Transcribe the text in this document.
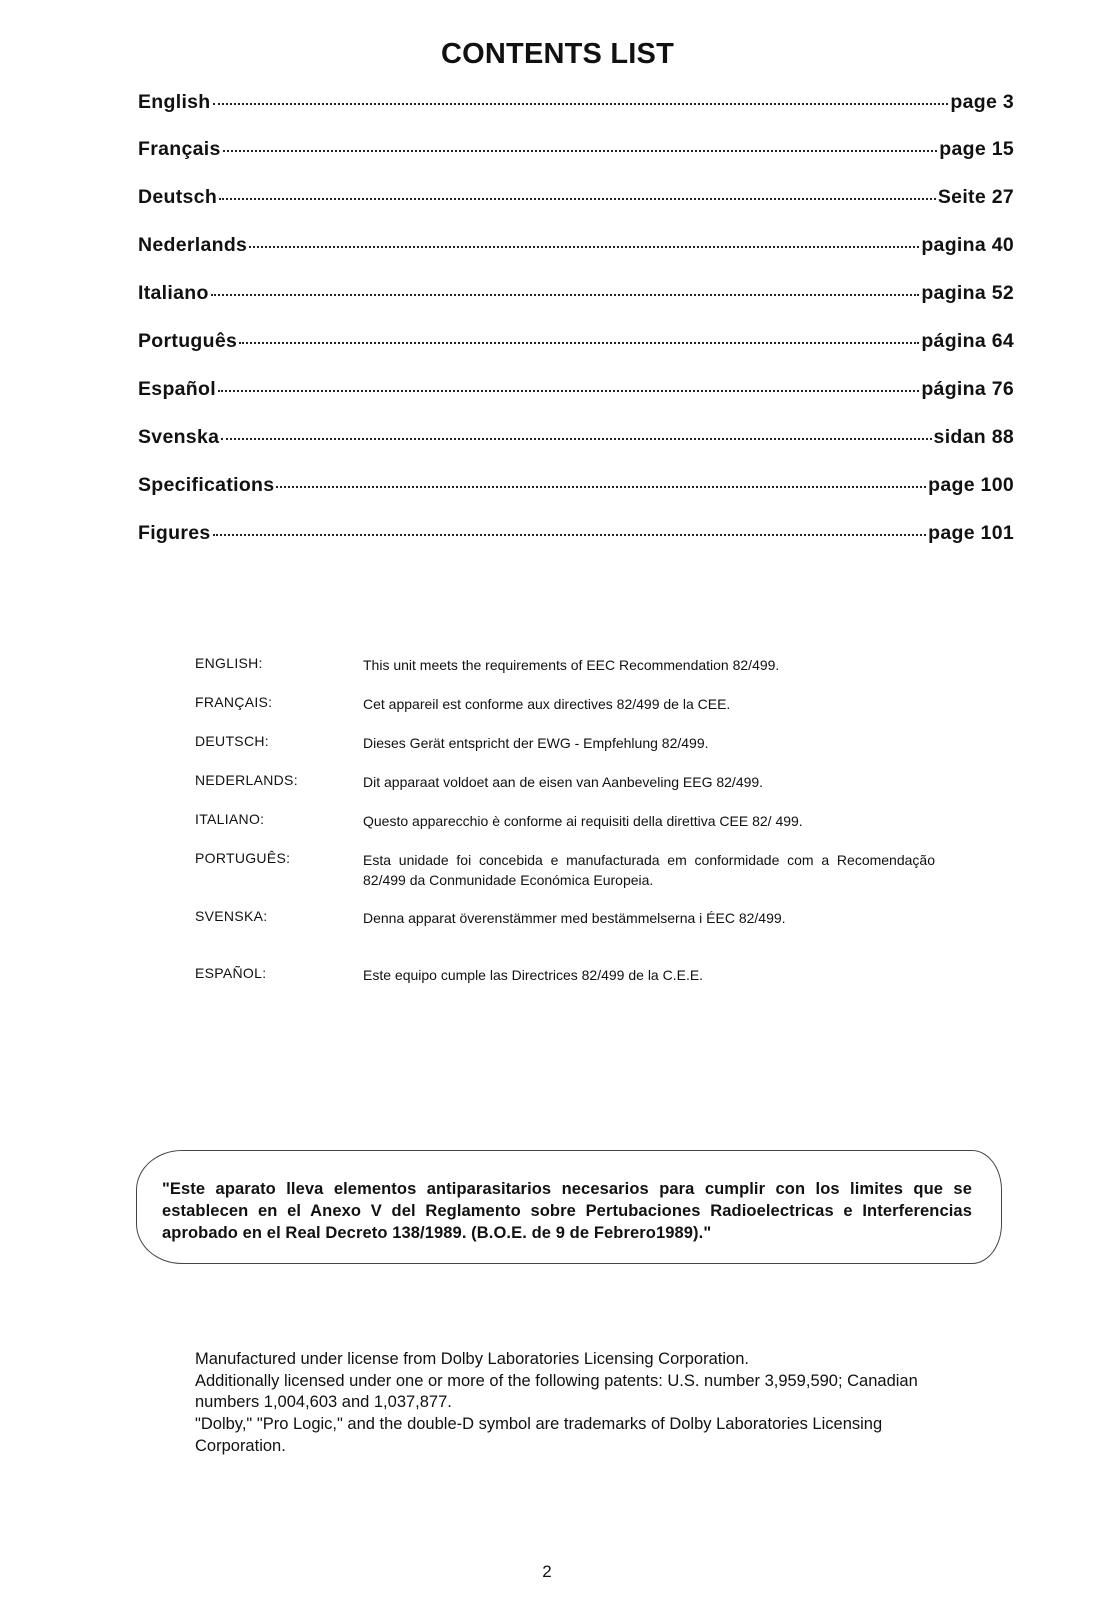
CONTENTS LIST
English	page 3
Français	page 15
Deutsch	Seite 27
Nederlands	pagina 40
Italiano	pagina 52
Português	página 64
Español	página 76
Svenska	sidan 88
Specifications	page 100
Figures	page 101
ENGLISH:	This unit meets the requirements of EEC Recommendation 82/499.
FRANÇAIS:	Cet appareil est conforme aux directives 82/499 de la CEE.
DEUTSCH:	Dieses Gerät entspricht der EWG - Empfehlung 82/499.
NEDERLANDS:	Dit apparaat voldoet aan de eisen van Aanbeveling EEG 82/499.
ITALIANO:	Questo apparecchio è conforme ai requisiti della direttiva CEE 82/ 499.
PORTUGUÊS:	Esta unidade foi concebida e manufacturada em conformidade com a Recomendação 82/499 da Conmunidade Económica Europeia.
SVENSKA:	Denna apparat överenstämmer med bestämmelserna i ÉEC 82/499.
ESPAÑOL:	Este equipo cumple las Directrices 82/499 de la C.E.E.
"Este aparato lleva elementos antiparasitarios necesarios para cumplir con los limites que se establecen en el Anexo V del Reglamento sobre Pertubaciones Radioelectricas e Interferencias aprobado en el Real Decreto 138/1989. (B.O.E. de 9 de Febrero1989)."

Manufactured under license from Dolby Laboratories Licensing Corporation.

Additionally licensed under one or more of the following patents: U.S. number 3,959,590; Canadian numbers 1,004,603 and 1,037,877.

"Dolby," "Pro Logic," and the double-D symbol are trademarks of Dolby Laboratories Licensing Corporation.

2
